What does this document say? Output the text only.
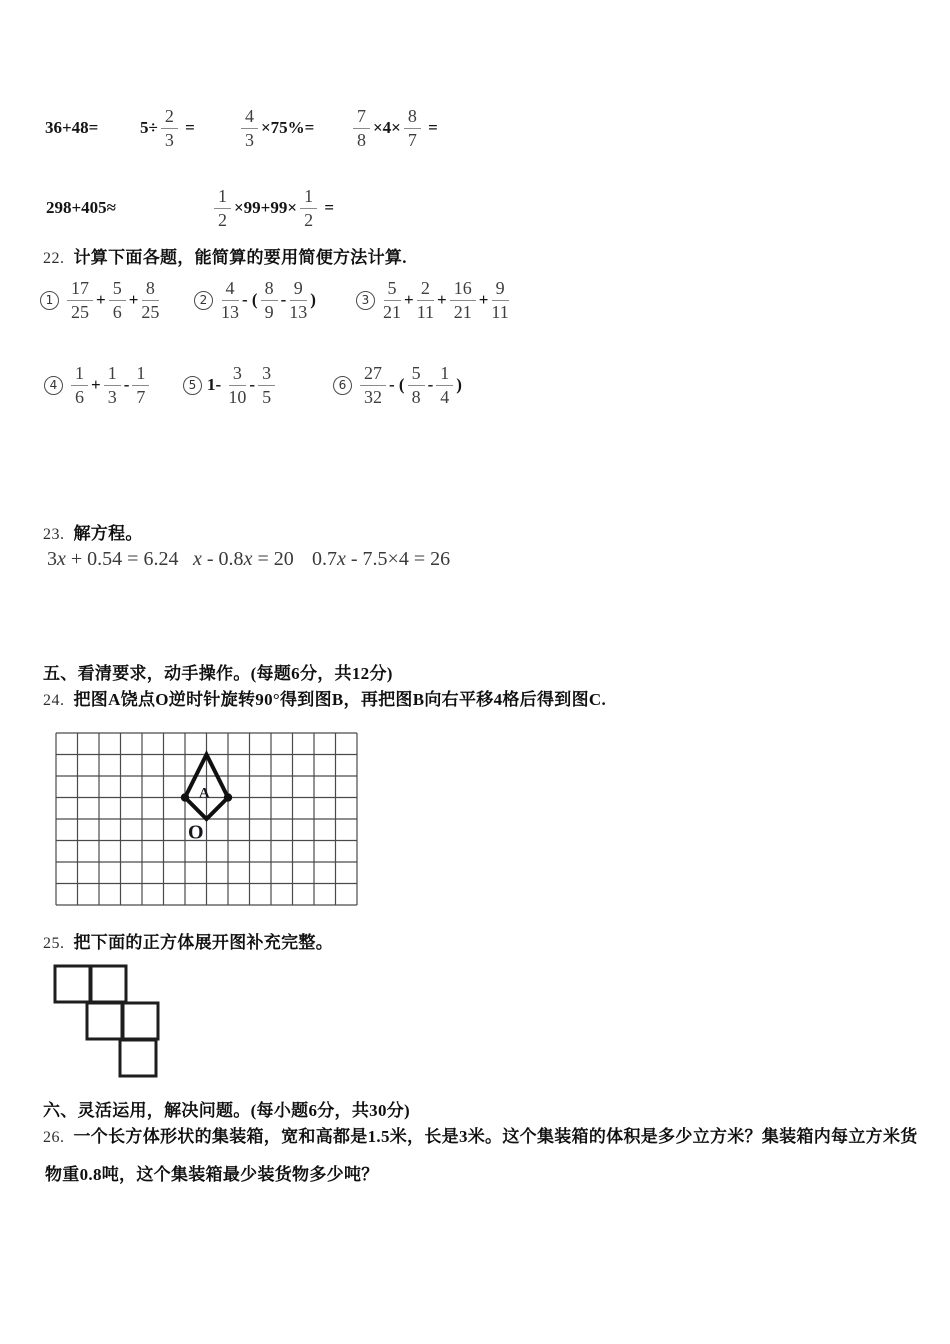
$36+48= 5\div \frac{2}{3}$ =	$\frac{4}{3} \times 75\%= \frac{7}{8} \times 4\times \frac{8}{7}$ =
298+405≈	$\frac{1}{2} \times 99+99\times \frac{1}{2}$ =
22. 计算下面各题，能简算的要用简便方法计算.
$1 \frac{17}{25} + \frac{5}{6} + \frac{8}{25}$	$2 \frac{4}{13}$ - ( $\frac{8}{9} - \frac{9}{13}$ )	$3 \frac{5}{21} + \frac{2}{11} + \frac{16}{21} + \frac{9}{11}$
$4 \frac{1}{6} + \frac{1}{3} - \frac{1}{7}$	5 $1- \frac{3}{10} - \frac{3}{5}$	$6 \frac{27}{32}$ - ( $\frac{5}{8} - \frac{1}{4}$ )
23. 解方程。
3x + 0.54 = 6.24 x - 0.8x = 20 0.7x - 7.5×4 = 26
五、看清要求，动手操作。(每题6分，共12分)
24. 把图A饶点O逆时针旋转90°得到图B，再把图B向右平移4格后得到图C.
A
O
25. 把下面的正方体展开图补充完整。
六、灵活运用，解决问题。(每小题6分，共30分)
26. 一个长方体形状的集装箱，宽和高都是1.5米，长是3米。这个集装箱的体积是多少立方米？集装箱内每立方米货
物重0.8吨，这个集装箱最少装货物多少吨？
